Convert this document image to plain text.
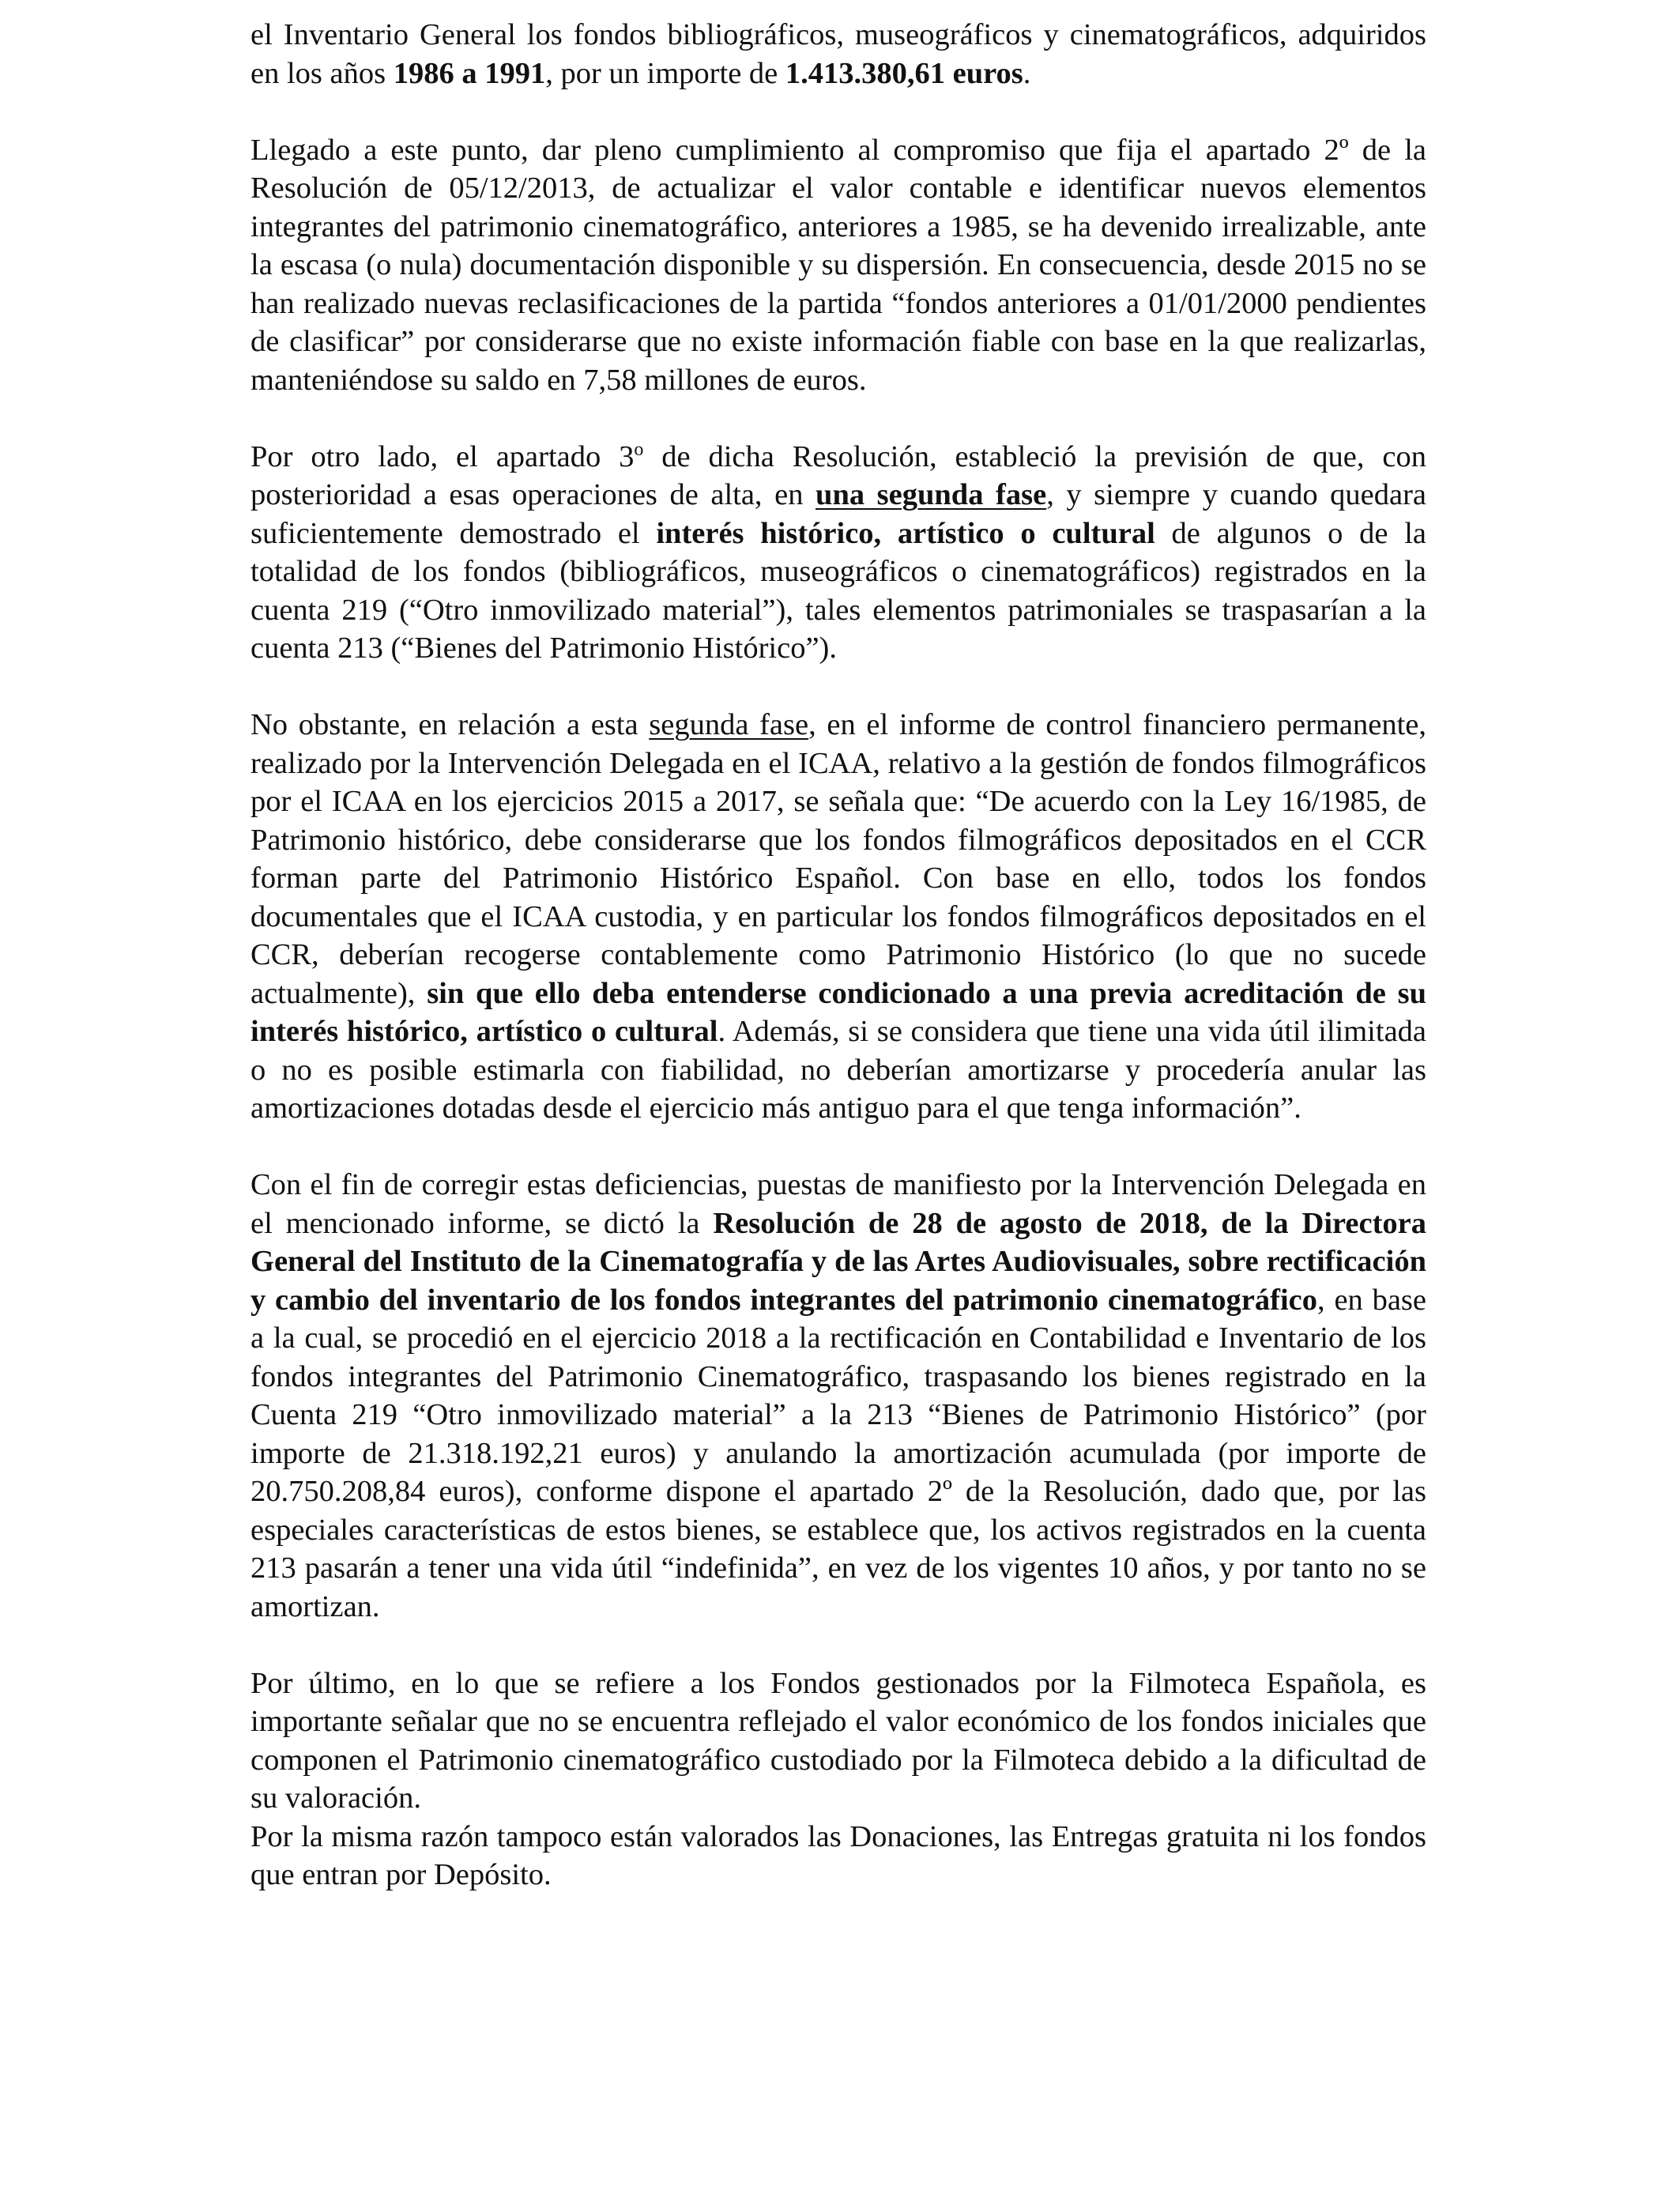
el Inventario General los fondos bibliográficos, museográficos y cinematográficos, adquiridos en los años 1986 a 1991, por un importe de 1.413.380,61 euros.

Llegado a este punto, dar pleno cumplimiento al compromiso que fija el apartado 2º de la Resolución de 05/12/2013, de actualizar el valor contable e identificar nuevos elementos integrantes del patrimonio cinematográfico, anteriores a 1985, se ha devenido irrealizable, ante la escasa (o nula) documentación disponible y su dispersión. En consecuencia, desde 2015 no se han realizado nuevas reclasificaciones de la partida “fondos anteriores a 01/01/2000 pendientes de clasificar” por considerarse que no existe información fiable con base en la que realizarlas, manteniéndose su saldo en 7,58 millones de euros.

Por otro lado, el apartado 3$^o$ de dicha Resolución, estableció la previsión de que, con posterioridad a esas operaciones de alta, en una segunda fase, y siempre y cuando quedara suficientemente demostrado el interés histórico, artístico o cultural de algunos o de la totalidad de los fondos (bibliográficos, museográficos o cinematográficos) registrados en la cuenta 219 (“Otro inmovilizado material”), tales elementos patrimoniales se traspasarían a la cuenta 213 (“Bienes del Patrimonio Histórico”).

No obstante, en relación a esta segunda fase, en el informe de control financiero permanente, realizado por la Intervención Delegada en el ICAA, relativo a la gestión de fondos filmográficos por el ICAA en los ejercicios 2015 a 2017, se señala que: “De acuerdo con la Ley 16/1985, de Patrimonio histórico, debe considerarse que los fondos filmográficos depositados en el CCR forman parte del Patrimonio Histórico Español. Con base en ello, todos los fondos documentales que el ICAA custodia, y en particular los fondos filmográficos depositados en el CCR, deberían recogerse contablemente como Patrimonio Histórico (lo que no sucede actualmente), sin que ello deba entenderse condicionado a una previa acreditación de su interés histórico, artístico o cultural. Además, si se considera que tiene una vida útil ilimitada o no es posible estimarla con fiabilidad, no deberían amortizarse y procedería anular las amortizaciones dotadas desde el ejercicio más antiguo para el que tenga información”.

Con el fin de corregir estas deficiencias, puestas de manifiesto por la Intervención Delegada en el mencionado informe, se dictó la Resolución de 28 de agosto de 2018, de la Directora General del Instituto de la Cinematografía y de las Artes Audiovisuales, sobre rectificación y cambio del inventario de los fondos integrantes del patrimonio cinematográfico, en base a la cual, se procedió en el ejercicio 2018 a la rectificación en Contabilidad e Inventario de los fondos integrantes del Patrimonio Cinematográfico, traspasando los bienes registrado en la Cuenta 219 “Otro inmovilizado material” a la 213 “Bienes de Patrimonio Histórico” (por importe de 21.318.192,21 euros) y anulando la amortización acumulada (por importe de 20.750.208,84 euros), conforme dispone el apartado 2º de la Resolución, dado que, por las especiales características de estos bienes, se establece que, los activos registrados en la cuenta 213 pasarán a tener una vida útil “indefinida”, en vez de los vigentes 10 años, y por tanto no se amortizan.

Por último, en lo que se refiere a los Fondos gestionados por la Filmoteca Española, es importante señalar que no se encuentra reflejado el valor económico de los fondos iniciales que componen el Patrimonio cinematográfico custodiado por la Filmoteca debido a la dificultad de su valoración.

Por la misma razón tampoco están valorados las Donaciones, las Entregas gratuita ni los fondos que entran por Depósito.
